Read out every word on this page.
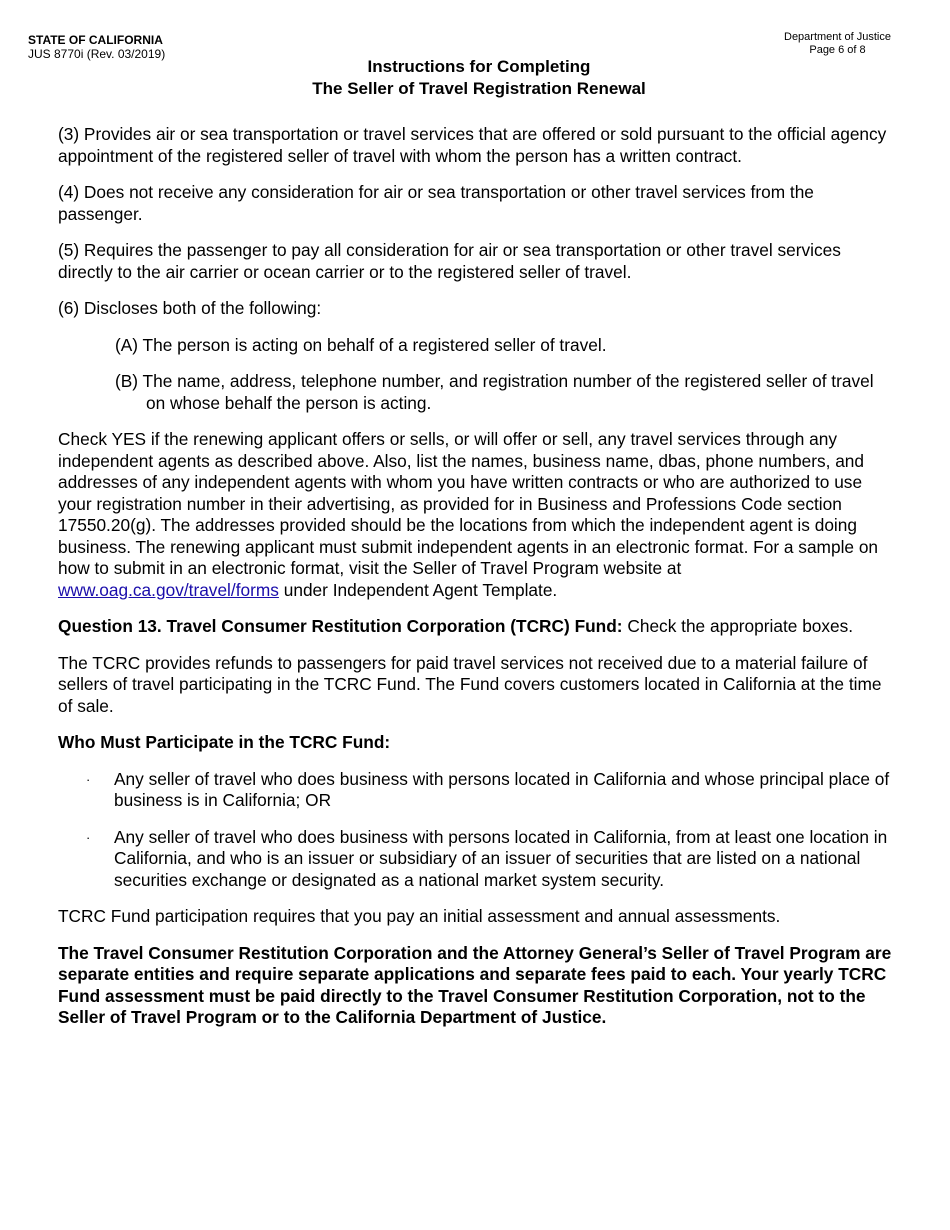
STATE OF CALIFORNIA
JUS 8770i (Rev. 03/2019)
Department of Justice
Page 6 of 8
Instructions for Completing
The Seller of Travel Registration Renewal

(3) Provides air or sea transportation or travel services that are offered or sold pursuant to the official agency appointment of the registered seller of travel with whom the person has a written contract.

(4) Does not receive any consideration for air or sea transportation or other travel services from the passenger.

(5) Requires the passenger to pay all consideration for air or sea transportation or other travel services directly to the air carrier or ocean carrier or to the registered seller of travel.

(6) Discloses both of the following:

(A) The person is acting on behalf of a registered seller of travel.

(B) The name, address, telephone number, and registration number of the registered seller of travel on whose behalf the person is acting.

Check YES if the renewing applicant offers or sells, or will offer or sell, any travel services through any independent agents as described above. Also, list the names, business name, dbas, phone numbers, and addresses of any independent agents with whom you have written contracts or who are authorized to use your registration number in their advertising, as provided for in Business and Professions Code section 17550.20(g). The addresses provided should be the locations from which the independent agent is doing business. The renewing applicant must submit independent agents in an electronic format. For a sample on how to submit in an electronic format, visit the Seller of Travel Program website at www.oag.ca.gov/travel/forms under Independent Agent Template.

Question 13. Travel Consumer Restitution Corporation (TCRC) Fund: Check the appropriate boxes.

The TCRC provides refunds to passengers for paid travel services not received due to a material failure of sellers of travel participating in the TCRC Fund. The Fund covers customers located in California at the time of sale.

Who Must Participate in the TCRC Fund:

· Any seller of travel who does business with persons located in California and whose principal place of business is in California; OR
· Any seller of travel who does business with persons located in California, from at least one location in California, and who is an issuer or subsidiary of an issuer of securities that are listed on a national securities exchange or designated as a national market system security.

TCRC Fund participation requires that you pay an initial assessment and annual assessments.

The Travel Consumer Restitution Corporation and the Attorney General’s Seller of Travel Program are separate entities and require separate applications and separate fees paid to each. Your yearly TCRC Fund assessment must be paid directly to the Travel Consumer Restitution Corporation, not to the Seller of Travel Program or to the California Department of Justice.
